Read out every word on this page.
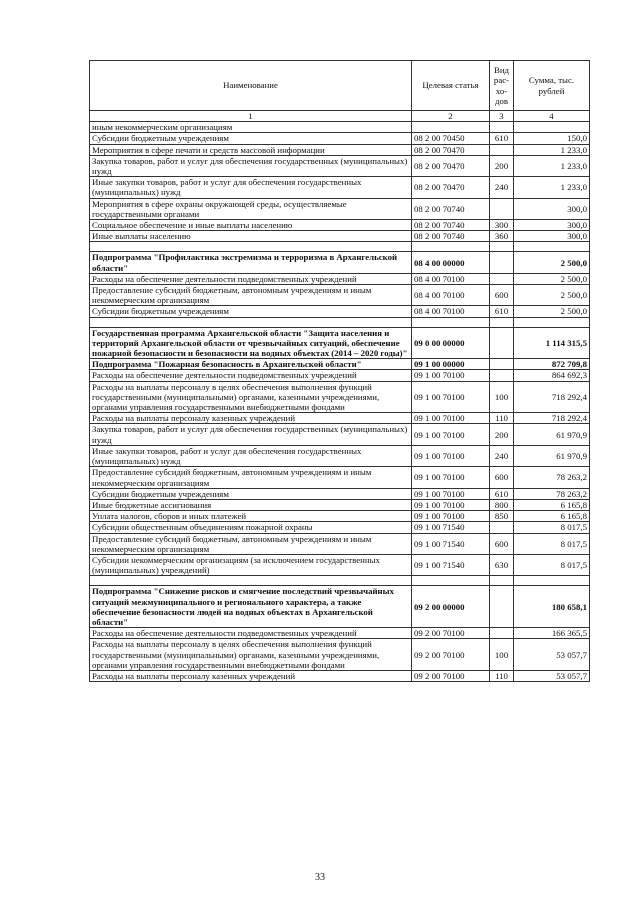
Наименование	Целевая статья	Вид рас-хо-дов	Сумма, тыс. рублей
1	2	3	4
иным некоммерческим организациям			
Субсидии бюджетным учреждениям	08 2 00 70450	610	150,0
Мероприятия в сфере печати и средств массовой информации	08 2 00 70470		1 233,0
Закупка товаров, работ и услуг для обеспечения государственных (муниципальных) нужд	08 2 00 70470	200	1 233,0
Иные закупки товаров, работ и услуг для обеспечения государственных (муниципальных) нужд	08 2 00 70470	240	1 233,0
Мероприятия в сфере охраны окружающей среды, осуществляемые государственными органами	08 2 00 70740		300,0
Социальное обеспечение и иные выплаты населению	08 2 00 70740	300	300,0
Иные выплаты населению	08 2 00 70740	360	300,0

Подпрограмма "Профилактика экстремизма и терроризма в Архангельской области"	08 4 00 00000		2 500,0
Расходы на обеспечение деятельности подведомственных учреждений	08 4 00 70100		2 500,0
Предоставление субсидий бюджетным, автономным учреждениям и иным некоммерческим организациям	08 4 00 70100	600	2 500,0
Субсидии бюджетным учреждениям	08 4 00 70100	610	2 500,0

Государственная программа Архангельской области "Защита населения и территорий Архангельской области от чрезвычайных ситуаций, обеспечение пожарной безопасности и безопасности на водных объектах (2014 – 2020 годы)"	09 0 00 00000		1 114 315,5
Подпрограмма "Пожарная безопасность в Архангельской области"	09 1 00 00000		872 709,8
Расходы на обеспечение деятельности подведомственных учреждений	09 1 00 70100		864 692,3
Расходы на выплаты персоналу в целях обеспечения выполнения функций государственными (муниципальными) органами, казенными учреждениями, органами управления государственными внебюджетными фондами	09 1 00 70100	100	718 292,4
Расходы на выплаты персоналу казенных учреждений	09 1 00 70100	110	718 292,4
Закупка товаров, работ и услуг для обеспечения государственных (муниципальных) нужд	09 1 00 70100	200	61 970,9
Иные закупки товаров, работ и услуг для обеспечения государственных (муниципальных) нужд	09 1 00 70100	240	61 970,9
Предоставление субсидий бюджетным, автономным учреждениям и иным некоммерческим организациям	09 1 00 70100	600	78 263,2
Субсидии бюджетным учреждениям	09 1 00 70100	610	78 263,2
Иные бюджетные ассигнования	09 1 00 70100	800	6 165,8
Уплата налогов, сборов и иных платежей	09 1 00 70100	850	6 165,8
Субсидии общественным объединениям пожарной охраны	09 1 00 71540		8 017,5
Предоставление субсидий бюджетным, автономным учреждениям и иным некоммерческим организациям	09 1 00 71540	600	8 017,5
Субсидии некоммерческим организациям (за исключением государственных (муниципальных) учреждений)	09 1 00 71540	630	8 017,5

Подпрограмма "Снижение рисков и смягчение последствий чрезвычайных ситуаций межмуниципального и регионального характера, а также обеспечение безопасности людей на водных объектах в Архангельской области"	09 2 00 00000		180 658,1
Расходы на обеспечение деятельности подведомственных учреждений	09 2 00 70100		166 365,5
Расходы на выплаты персоналу в целях обеспечения выполнения функций государственными (муниципальными) органами, казенными учреждениями, органами управления государственными внебюджетными фондами	09 2 00 70100	100	53 057,7
Расходы на выплаты персоналу казенных учреждений	09 2 00 70100	110	53 057,7
33
